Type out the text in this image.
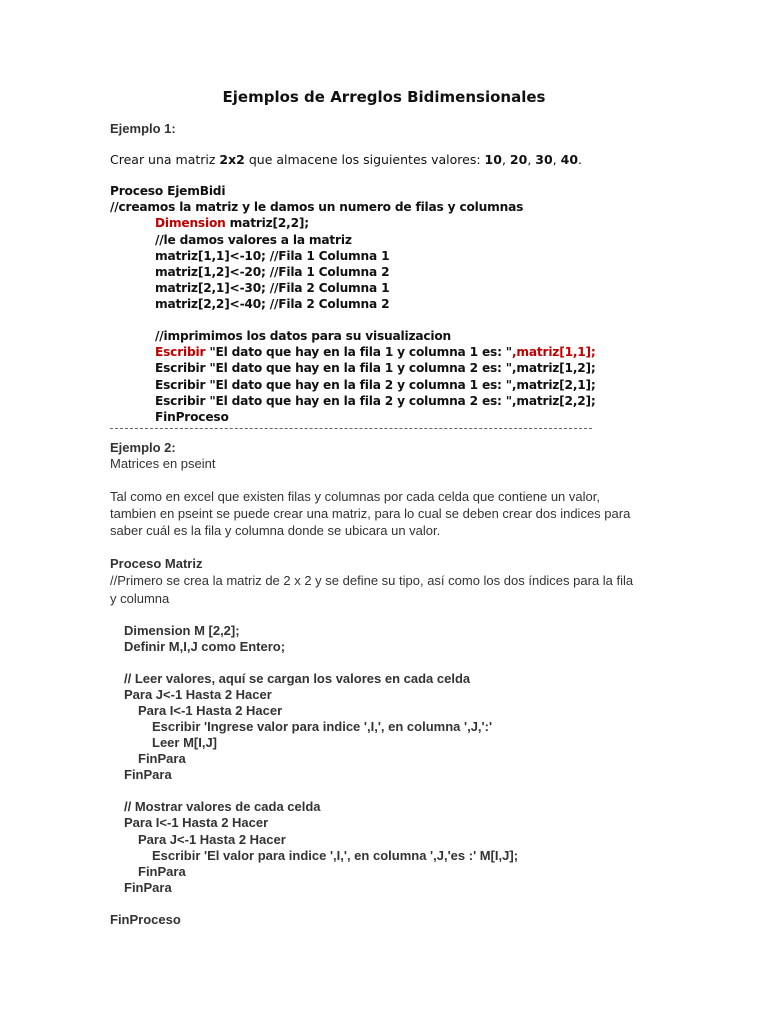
Ejemplos de Arreglos Bidimensionales
Ejemplo 1:
Crear una matriz 2x2 que almacene los siguientes valores: 10, 20, 30, 40.
Proceso EjemBidi
//creamos la matriz y le damos un numero de filas y columnas
Dimension matriz[2,2];
//le damos valores a la matriz
matriz[1,1]<-10; //Fila 1 Columna 1
matriz[1,2]<-20; //Fila 1 Columna 2
matriz[2,1]<-30; //Fila 2 Columna 1
matriz[2,2]<-40; //Fila 2 Columna 2
//imprimimos los datos para su visualizacion
Escribir "El dato que hay en la fila 1 y columna 1 es: ",matriz[1,1];
Escribir "El dato que hay en la fila 1 y columna 2 es: ",matriz[1,2];
Escribir "El dato que hay en la fila 2 y columna 1 es: ",matriz[2,1];
Escribir "El dato que hay en la fila 2 y columna 2 es: ",matriz[2,2];
FinProceso
Ejemplo 2:
Matrices en pseint
Tal como en excel que existen filas y columnas por cada celda que contiene un valor,
tambien en pseint se puede crear una matriz, para lo cual se deben crear dos indices para
saber cuál es la fila y columna donde se ubicara un valor.
Proceso Matriz
//Primero se crea la matriz de 2 x 2 y se define su tipo, así como los dos índices para la fila
y columna
Dimension M [2,2];
Definir M,I,J como Entero;
// Leer valores, aquí se cargan los valores en cada celda
Para J<-1 Hasta 2 Hacer
Para I<-1 Hasta 2 Hacer
Escribir 'Ingrese valor para indice ',I,', en columna ',J,':'
Leer M[I,J]
FinPara
FinPara
// Mostrar valores de cada celda
Para I<-1 Hasta 2 Hacer
Para J<-1 Hasta 2 Hacer
Escribir 'El valor para indice ',I,', en columna ',J,'es :' M[I,J];
FinPara
FinPara
FinProceso
